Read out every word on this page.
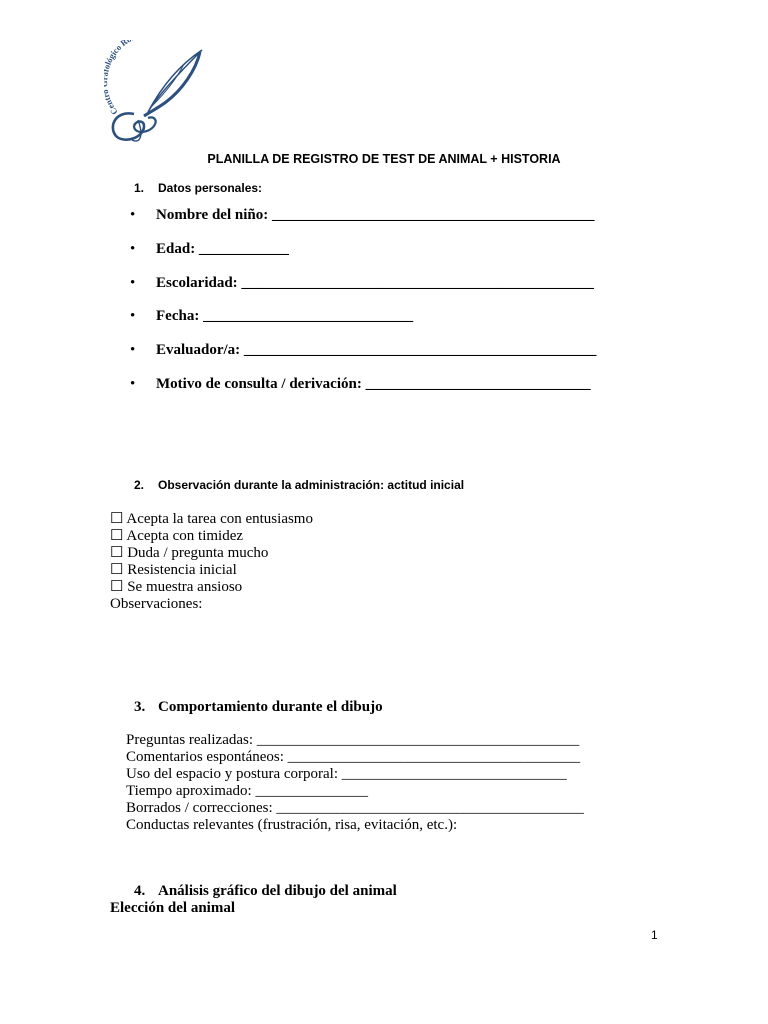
Cen ógico R
PLANILLA DE REGISTRO DE TEST DE ANIMAL + HISTORIA
1. Datos personales:
• Nombre del niño: ___________________________________________
• Edad: ____________
• Escolaridad: _______________________________________________
• Fecha: ____________________________
• Evaluador/a: _______________________________________________
• Motivo de consulta / derivación: ______________________________
2. Observación durante la administración: actitud inicial
☐ Acepta la tarea con entusiasmo
☐ Acepta con timidez
☐ Duda / pregunta mucho
☐ Resistencia inicial
☐ Se muestra ansioso
Observaciones:
3. Comportamiento durante el dibujo
Preguntas realizadas: ___________________________________________
Comentarios espontáneos: _______________________________________
Uso del espacio y postura corporal: ______________________________
Tiempo aproximado: _______________
Borrados / correcciones: _________________________________________
Conductas relevantes (frustración, risa, evitación, etc.):
4. Análisis gráfico del dibujo del animal
Elección del animal
1
